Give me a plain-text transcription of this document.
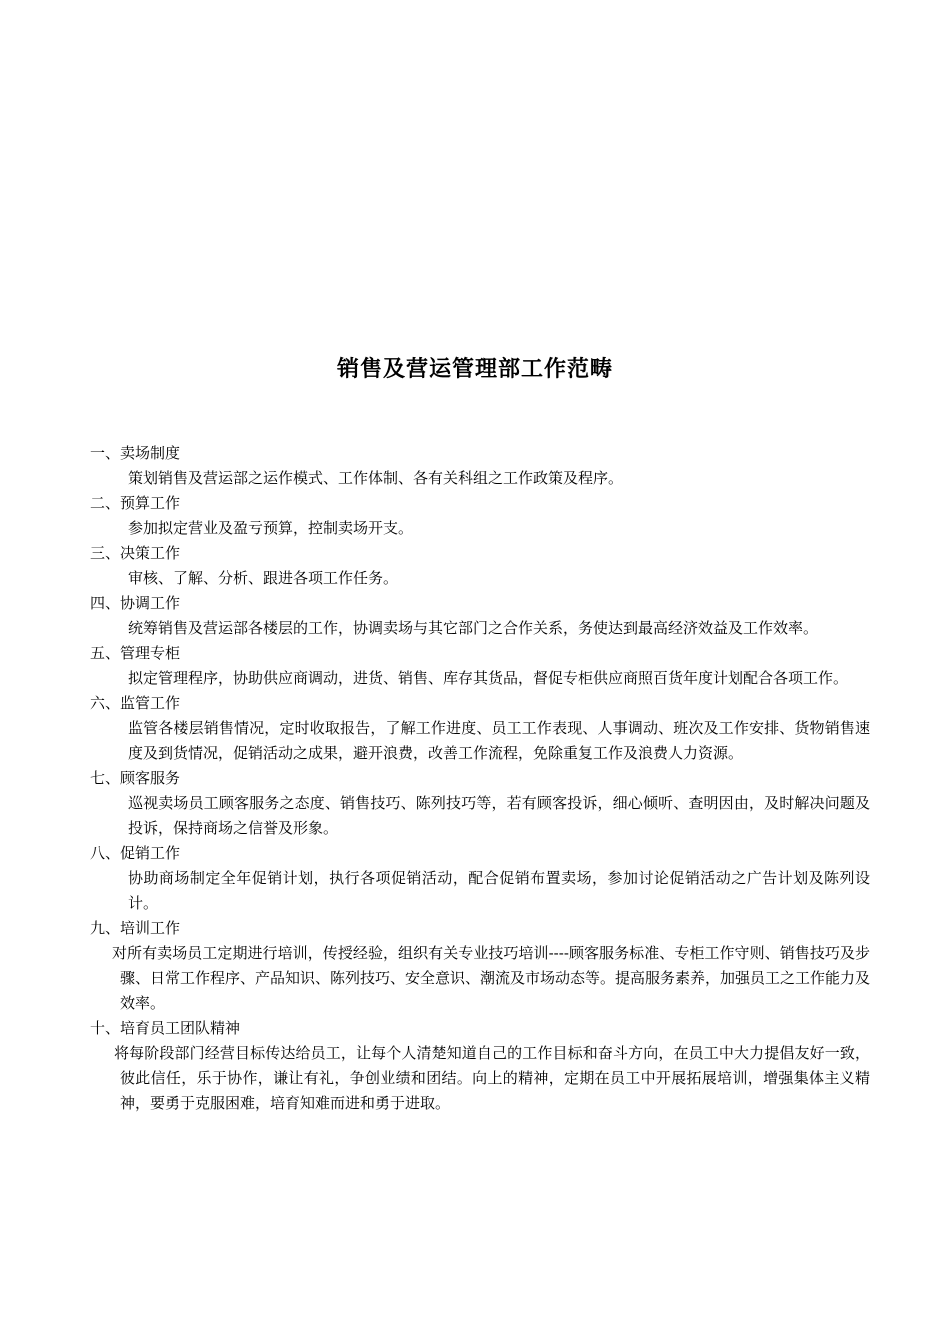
销售及营运管理部工作范畴
一、卖场制度
策划销售及营运部之运作模式、工作体制、各有关科组之工作政策及程序。
二、预算工作
参加拟定营业及盈亏预算，控制卖场开支。
三、决策工作
审核、了解、分析、跟进各项工作任务。
四、协调工作
统筹销售及营运部各楼层的工作，协调卖场与其它部门之合作关系，务使达到最高经济效益及工作效率。
五、管理专柜
拟定管理程序，协助供应商调动，进货、销售、库存其货品，督促专柜供应商照百货年度计划配合各项工作。
六、监管工作
监管各楼层销售情况，定时收取报告，了解工作进度、员工工作表现、人事调动、班次及工作安排、货物销售速度及到货情况，促销活动之成果，避开浪费，改善工作流程，免除重复工作及浪费人力资源。
七、顾客服务
巡视卖场员工顾客服务之态度、销售技巧、陈列技巧等，若有顾客投诉，细心倾听、查明因由，及时解决问题及投诉，保持商场之信誉及形象。
八、促销工作
协助商场制定全年促销计划，执行各项促销活动，配合促销布置卖场，参加讨论促销活动之广告计划及陈列设计。
九、培训工作
对所有卖场员工定期进行培训，传授经验，组织有关专业技巧培训----顾客服务标准、专柜工作守则、销售技巧及步骤、日常工作程序、产品知识、陈列技巧、安全意识、潮流及市场动态等。提高服务素养，加强员工之工作能力及效率。
十、培育员工团队精神
将每阶段部门经营目标传达给员工，让每个人清楚知道自己的工作目标和奋斗方向，在员工中大力提倡友好一致，彼此信任，乐于协作，谦让有礼，争创业绩和团结。向上的精神，定期在员工中开展拓展培训，增强集体主义精神，要勇于克服困难，培育知难而进和勇于进取。
